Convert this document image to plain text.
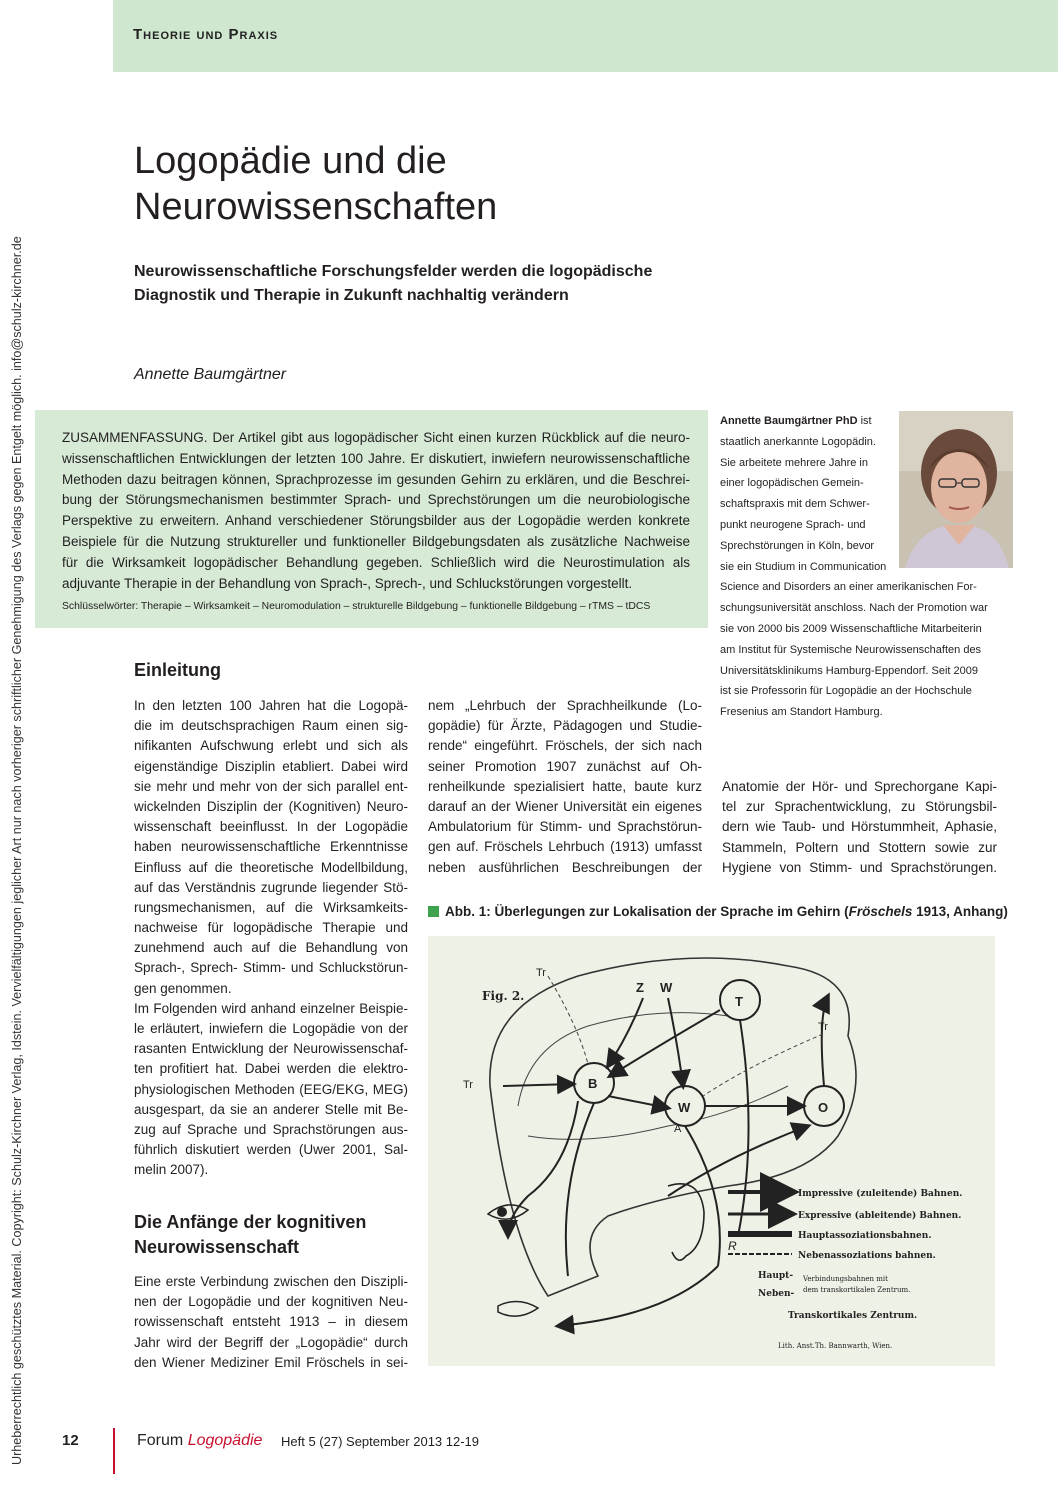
Theorie und Praxis
Urheberrechtlich geschütztes Material. Copyright: Schulz-Kirchner Verlag, Idstein. Vervielfältigungen jeglicher Art nur nach vorheriger schriftlicher Genehmigung des Verlags gegen Entgelt möglich. info@schulz-kirchner.de
Logopädie und die
Neurowissenschaften
Neurowissenschaftliche Forschungsfelder werden die logopädische
Diagnostik und Therapie in Zukunft nachhaltig verändern
Annette Baumgärtner
ZUSAMMENFASSUNG. Der Artikel gibt aus logopädischer Sicht einen kurzen Rückblick auf die neuro-
wissenschaftlichen Entwicklungen der letzten 100 Jahre. Er diskutiert, inwiefern neurowissenschaftliche
Methoden dazu beitragen können, Sprachprozesse im gesunden Gehirn zu erklären, und die Beschrei-
bung der Störungsmechanismen bestimmter Sprach- und Sprechstörungen um die neurobiologische
Perspektive zu erweitern. Anhand verschiedener Störungsbilder aus der Logopädie werden konkrete
Beispiele für die Nutzung struktureller und funktioneller Bildgebungsdaten als zusätzliche Nachweise
für die Wirksamkeit logopädischer Behandlung gegeben. Schließlich wird die Neurostimulation als
adjuvante Therapie in der Behandlung von Sprach-, Sprech-, und Schluckstörungen vorgestellt.
Schlüsselwörter: Therapie – Wirksamkeit – Neuromodulation – strukturelle Bildgebung – funktionelle Bildgebung – rTMS – tDCS
Annette Baumgärtner PhD ist
staatlich anerkannte Logopädin.
Sie arbeitete mehrere Jahre in
einer logopädischen Gemein-
schaftspraxis mit dem Schwer-
punkt neurogene Sprach- und
Sprechstörungen in Köln, bevor
sie ein Studium in Communication
Science and Disorders an einer amerikanischen For-
schungsuniversität anschloss. Nach der Promotion war
sie von 2000 bis 2009 Wissenschaftliche Mitarbeiterin
am Institut für Systemische Neurowissenschaften des
Universitätsklinikums Hamburg-Eppendorf. Seit 2009
ist sie Professorin für Logopädie an der Hochschule
Fresenius am Standort Hamburg.
Einleitung
In den letzten 100 Jahren hat die Logopä-
die im deutschsprachigen Raum einen sig-
nifikanten Aufschwung erlebt und sich als
eigenständige Disziplin etabliert. Dabei wird
sie mehr und mehr von der sich parallel ent-
wickelnden Disziplin der (Kognitiven) Neuro-
wissenschaft beeinflusst. In der Logopädie
haben neurowissenschaftliche Erkenntnisse
Einfluss auf die theoretische Modellbildung,
auf das Verständnis zugrunde liegender Stö-
rungsmechanismen, auf die Wirksamkeits-
nachweise für logopädische Therapie und
zunehmend auch auf die Behandlung von
Sprach-, Sprech- Stimm- und Schluckstörun-
gen genommen.
Im Folgenden wird anhand einzelner Beispie-
le erläutert, inwiefern die Logopädie von der
rasanten Entwicklung der Neurowissenschaf-
ten profitiert hat. Dabei werden die elektro-
physiologischen Methoden (EEG/EKG, MEG)
ausgespart, da sie an anderer Stelle mit Be-
zug auf Sprache und Sprachstörungen aus-
führlich diskutiert werden (Uwer 2001, Sal-
melin 2007).
Die Anfänge der kognitiven
Neurowissenschaft
Eine erste Verbindung zwischen den Diszipli-
nen der Logopädie und der kognitiven Neu-
rowissenschaft entsteht 1913 – in diesem
Jahr wird der Begriff der „Logopädie“ durch
den Wiener Mediziner Emil Fröschels in sei-
nem „Lehrbuch der Sprachheilkunde (Lo-
gopädie) für Ärzte, Pädagogen und Studie-
rende“ eingeführt. Fröschels, der sich nach
seiner Promotion 1907 zunächst auf Oh-
renheilkunde spezialisiert hatte, baute kurz
darauf an der Wiener Universität ein eigenes
Ambulatorium für Stimm- und Sprachstörun-
gen auf. Fröschels Lehrbuch (1913) umfasst
neben ausführlichen Beschreibungen der
Anatomie der Hör- und Sprechorgane Kapi-
tel zur Sprachentwicklung, zu Störungsbil-
dern wie Taub- und Hörstummheit, Aphasie,
Stammeln, Poltern und Stottern sowie zur
Hygiene von Stimm- und Sprachstörungen.
Abb. 1: Überlegungen zur Lokalisation der Sprache im Gehirn (Fröschels 1913, Anhang)
Fig. 2.
B
W
A
O
T
Z W
R
Tr
Tr
Tr
Impressive (zuleitende) Bahnen.
Expressive (ableitende) Bahnen.
Hauptassoziationsbahnen.
Nebenassoziations bahnen.
Haupt-
Neben-
Verbindungsbahnen mit
dem transkortikalen Zentrum.
Transkortikales Zentrum.
Lith. Anst.Th. Bannwarth, Wien.
12	Forum Logopädie Heft 5 (27) September 2013 12-19
